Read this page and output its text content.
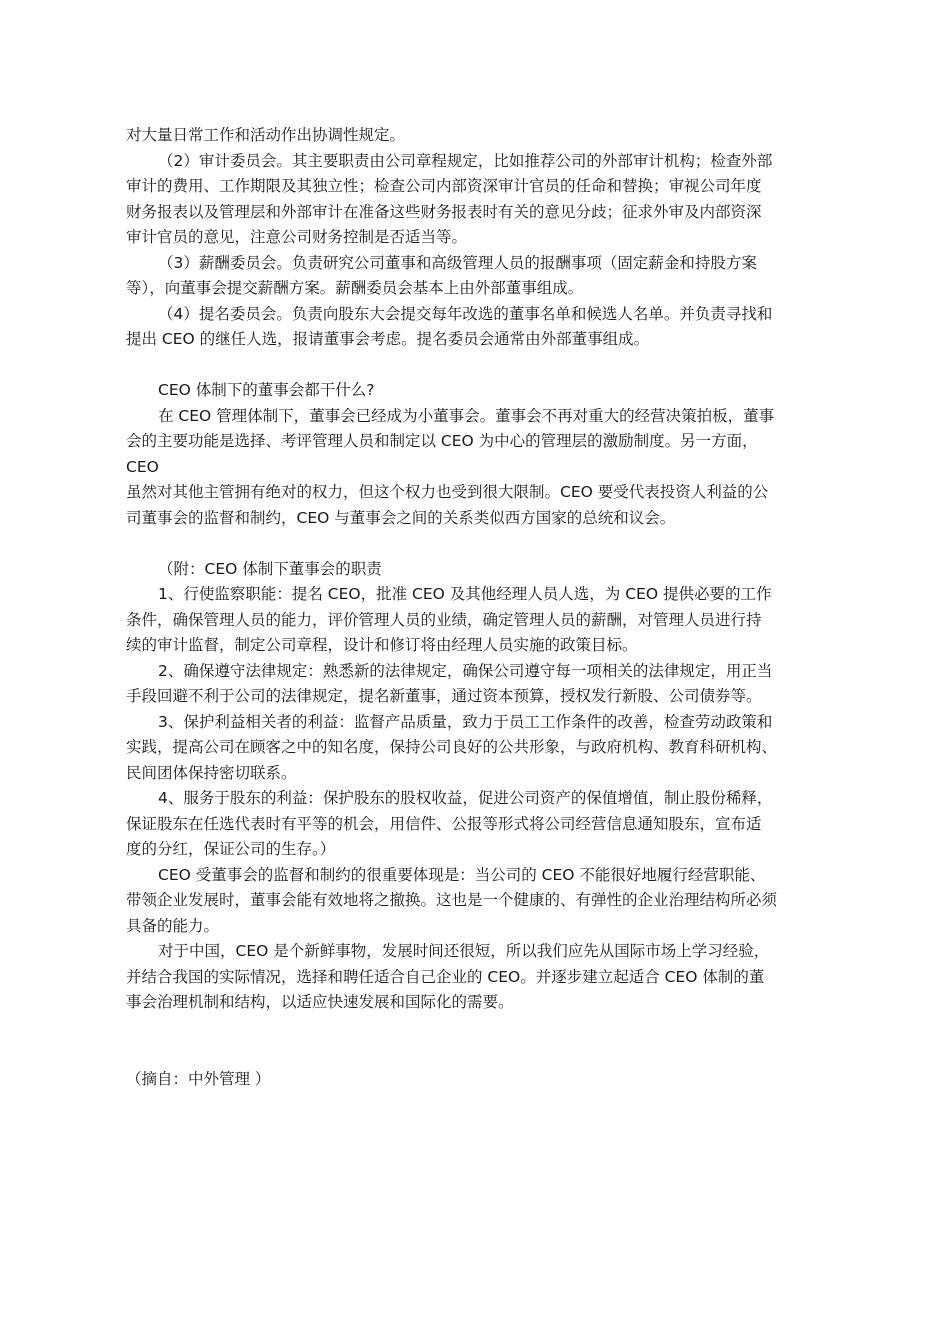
对大量日常工作和活动作出协调性规定。
（2）审计委员会。其主要职责由公司章程规定，比如推荐公司的外部审计机构；检查外部
审计的费用、工作期限及其独立性；检查公司内部资深审计官员的任命和替换；审视公司年度
财务报表以及管理层和外部审计在准备这些财务报表时有关的意见分歧；征求外审及内部资深
审计官员的意见，注意公司财务控制是否适当等。
（3）薪酬委员会。负责研究公司董事和高级管理人员的报酬事项（固定薪金和持股方案
等），向董事会提交薪酬方案。薪酬委员会基本上由外部董事组成。
（4）提名委员会。负责向股东大会提交每年改选的董事名单和候选人名单。并负责寻找和
提出 CEO 的继任人选，报请董事会考虑。提名委员会通常由外部董事组成。
CEO 体制下的董事会都干什么?
在 CEO 管理体制下，董事会已经成为小董事会。董事会不再对重大的经营决策拍板，董事
会的主要功能是选择、考评管理人员和制定以 CEO 为中心的管理层的激励制度。另一方面，
CEO
虽然对其他主管拥有绝对的权力，但这个权力也受到很大限制。CEO 要受代表投资人利益的公
司董事会的监督和制约，CEO 与董事会之间的关系类似西方国家的总统和议会。
（附：CEO 体制下董事会的职责
1、行使监察职能：提名 CEO，批准 CEO 及其他经理人员人选，为 CEO 提供必要的工作
条件，确保管理人员的能力，评价管理人员的业绩，确定管理人员的薪酬，对管理人员进行持
续的审计监督，制定公司章程，设计和修订将由经理人员实施的政策目标。
2、确保遵守法律规定：熟悉新的法律规定，确保公司遵守每一项相关的法律规定，用正当
手段回避不利于公司的法律规定，提名新董事，通过资本预算，授权发行新股、公司债券等。
3、保护利益相关者的利益：监督产品质量，致力于员工工作条件的改善，检查劳动政策和
实践，提高公司在顾客之中的知名度，保持公司良好的公共形象，与政府机构、教育科研机构、
民间团体保持密切联系。
4、服务于股东的利益：保护股东的股权收益，促进公司资产的保值增值，制止股份稀释，
保证股东在任选代表时有平等的机会，用信件、公报等形式将公司经营信息通知股东，宣布适
度的分红，保证公司的生存。）
CEO 受董事会的监督和制约的很重要体现是：当公司的 CEO 不能很好地履行经营职能、
带领企业发展时，董事会能有效地将之撤换。这也是一个健康的、有弹性的企业治理结构所必须
具备的能力。
对于中国，CEO 是个新鲜事物，发展时间还很短，所以我们应先从国际市场上学习经验，
并结合我国的实际情况，选择和聘任适合自己企业的 CEO。并逐步建立起适合 CEO 体制的董
事会治理机制和结构，以适应快速发展和国际化的需要。
（摘自：中外管理 ）
